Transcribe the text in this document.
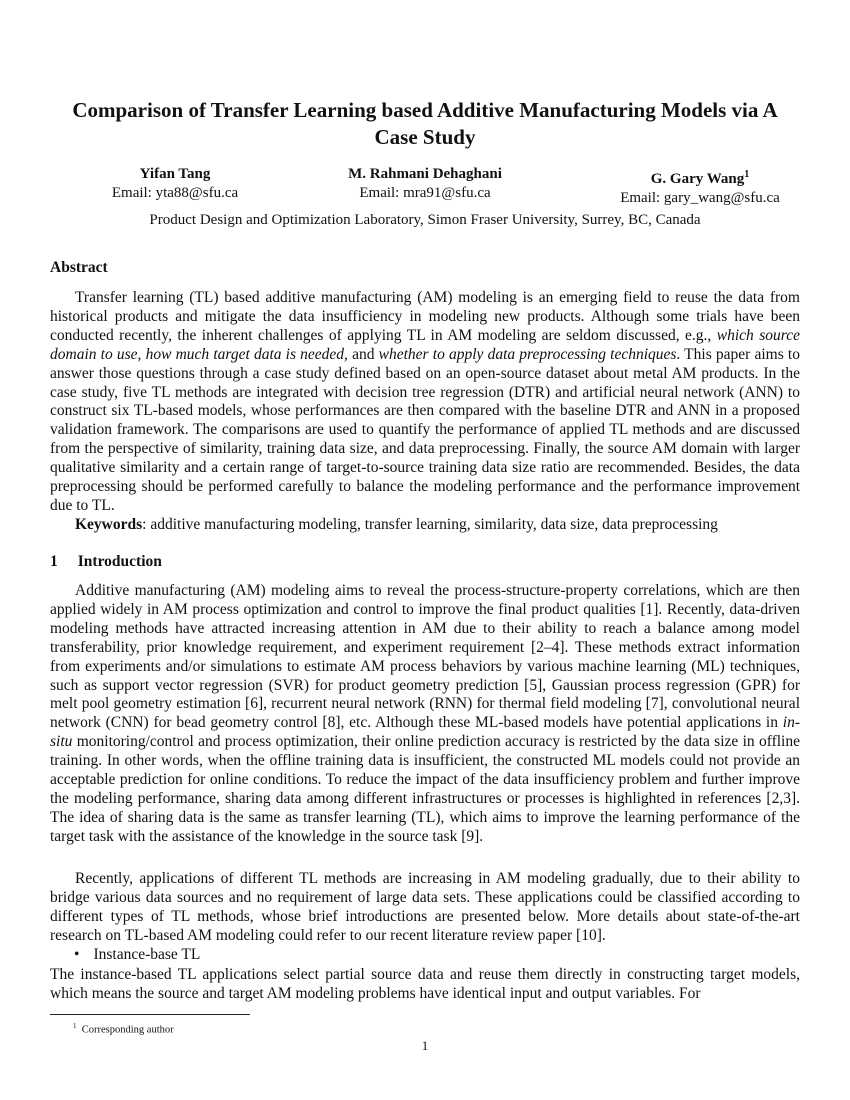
Comparison of Transfer Learning based Additive Manufacturing Models via A Case Study
Yifan Tang
Email: yta88@sfu.ca
M. Rahmani Dehaghani
Email: mra91@sfu.ca
G. Gary Wang$^1$
Email: gary_wang@sfu.ca
Product Design and Optimization Laboratory, Simon Fraser University, Surrey, BC, Canada
Abstract

Transfer learning (TL) based additive manufacturing (AM) modeling is an emerging field to reuse the data from historical products and mitigate the data insufficiency in modeling new products. Although some trials have been conducted recently, the inherent challenges of applying TL in AM modeling are seldom discussed, e.g., which source domain to use, how much target data is needed, and whether to apply data preprocessing techniques. This paper aims to answer those questions through a case study defined based on an open-source dataset about metal AM products. In the case study, five TL methods are integrated with decision tree regression (DTR) and artificial neural network (ANN) to construct six TL-based models, whose performances are then compared with the baseline DTR and ANN in a proposed validation framework. The comparisons are used to quantify the performance of applied TL methods and are discussed from the perspective of similarity, training data size, and data preprocessing. Finally, the source AM domain with larger qualitative similarity and a certain range of target-to-source training data size ratio are recommended. Besides, the data preprocessing should be performed carefully to balance the modeling performance and the performance improvement due to TL.

Keywords: additive manufacturing modeling, transfer learning, similarity, data size, data preprocessing
1 Introduction

Additive manufacturing (AM) modeling aims to reveal the process-structure-property correlations, which are then applied widely in AM process optimization and control to improve the final product qualities [1]. Recently, data-driven modeling methods have attracted increasing attention in AM due to their ability to reach a balance among model transferability, prior knowledge requirement, and experiment requirement [2–4]. These methods extract information from experiments and/or simulations to estimate AM process behaviors by various machine learning (ML) techniques, such as support vector regression (SVR) for product geometry prediction [5], Gaussian process regression (GPR) for melt pool geometry estimation [6], recurrent neural network (RNN) for thermal field modeling [7], convolutional neural network (CNN) for bead geometry control [8], etc. Although these ML-based models have potential applications in in-situ monitoring/control and process optimization, their online prediction accuracy is restricted by the data size in offline training. In other words, when the offline training data is insufficient, the constructed ML models could not provide an acceptable prediction for online conditions. To reduce the impact of the data insufficiency problem and further improve the modeling performance, sharing data among different infrastructures or processes is highlighted in references [2,3]. The idea of sharing data is the same as transfer learning (TL), which aims to improve the learning performance of the target task with the assistance of the knowledge in the source task [9].

Recently, applications of different TL methods are increasing in AM modeling gradually, due to their ability to bridge various data sources and no requirement of large data sets. These applications could be classified according to different types of TL methods, whose brief introductions are presented below. More details about state-of-the-art research on TL-based AM modeling could refer to our recent literature review paper [10].

• Instance-base TL

The instance-based TL applications select partial source data and reuse them directly in constructing target models, which means the source and target AM modeling problems have identical input and output variables. For

$^1$ Corresponding author
1
